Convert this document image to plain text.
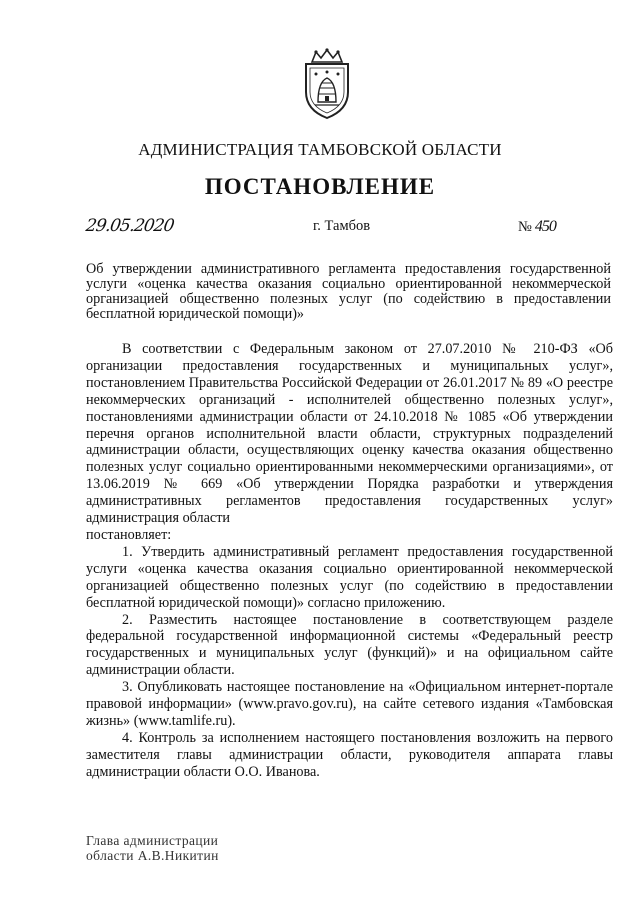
АДМИНИСТРАЦИЯ ТАМБОВСКОЙ ОБЛАСТИ
ПОСТАНОВЛЕНИЕ
29.05.2020	г. Тамбов	№ 450
Об утверждении административного регламента предоставления государственной услуги «оценка качества оказания социально ориентированной некоммерческой организацией общественно полезных услуг (по содействию в предоставлении бесплатной юридической помощи)»

В соответствии с Федеральным законом от 27.07.2010 № 210-ФЗ «Об организации предоставления государственных и муниципальных услуг», постановлением Правительства Российской Федерации от 26.01.2017 № 89 «О реестре некоммерческих организаций - исполнителей общественно полезных услуг», постановлениями администрации области от 24.10.2018 № 1085 «Об утверждении перечня органов исполнительной власти области, структурных подразделений администрации области, осуществляющих оценку качества оказания общественно полезных услуг социально ориентированными некоммерческими организациями», от 13.06.2019 № 669 «Об утверждении Порядка разработки и утверждения административных регламентов предоставления государственных услуг» администрация области

постановляет:

1. Утвердить административный регламент предоставления государственной услуги «оценка качества оказания социально ориентированной некоммерческой организацией общественно полезных услуг (по содействию в предоставлении бесплатной юридической помощи)» согласно приложению.

2. Разместить настоящее постановление в соответствующем разделе федеральной государственной информационной системы «Федеральный реестр государственных и муниципальных услуг (функций)» и на официальном сайте администрации области.

3. Опубликовать настоящее постановление на «Официальном интернет-портале правовой информации» (www.pravo.gov.ru), на сайте сетевого издания «Тамбовская жизнь» (www.tamlife.ru).

4. Контроль за исполнением настоящего постановления возложить на первого заместителя главы администрации области, руководителя аппарата главы администрации области О.О. Иванова.

Глава администрации
области А.В.Никитин
